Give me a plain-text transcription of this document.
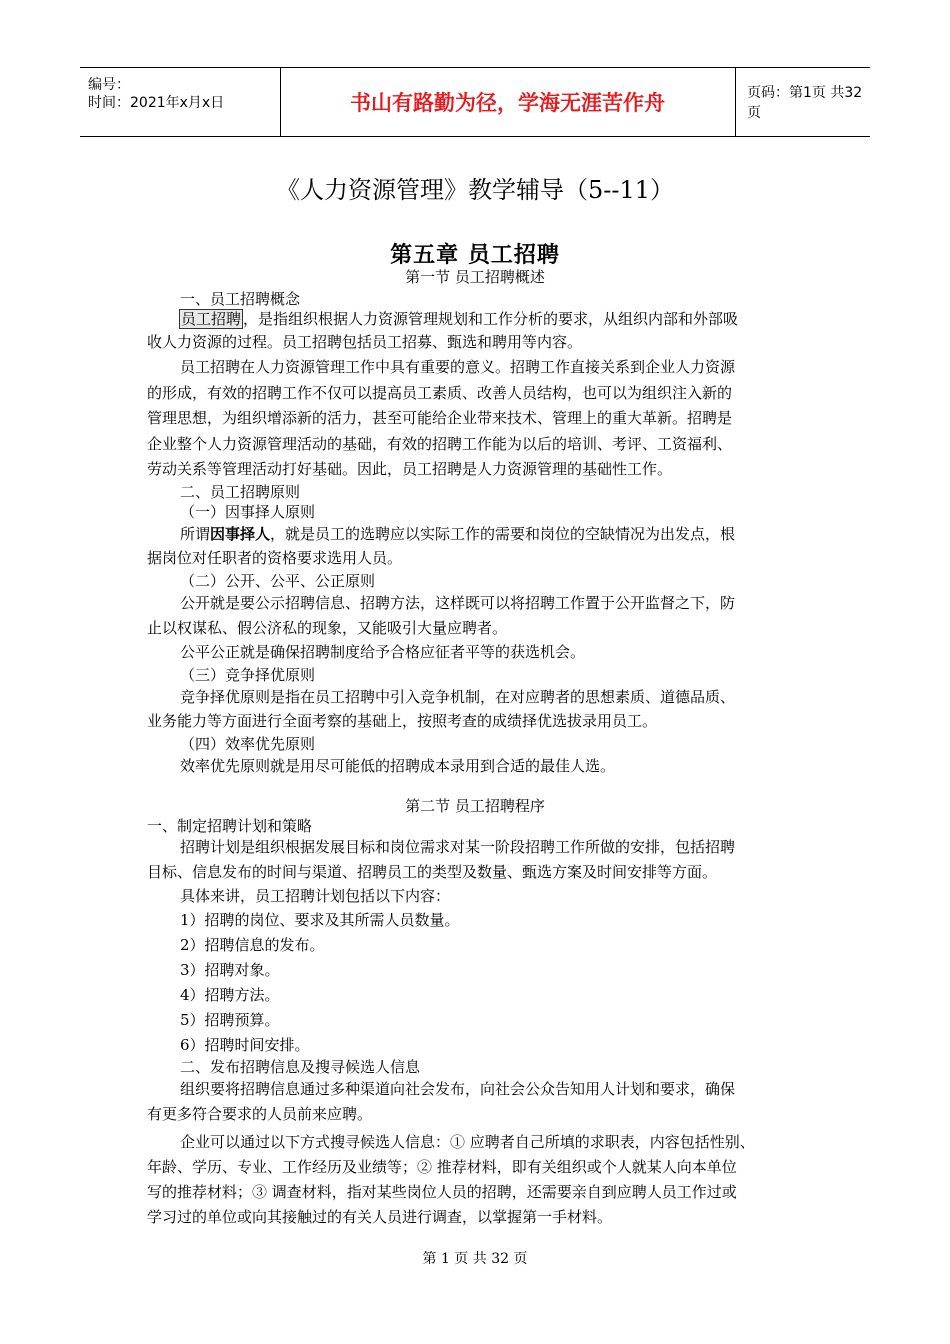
编号：
时间：2021年x月x日	书山有路勤为径，学海无涯苦作舟	页码：第1页 共32页
《人力资源管理》教学辅导（5--11）
第五章 员工招聘
第一节 员工招聘概述
一、员工招聘概念
员工招聘 ，是指组织根据人力资源管理规划和工作分析的要求，从组织内部和外部吸
收人力资源的过程。员工招聘包括员工招募、甄选和聘用等内容。
员工招聘在人力资源管理工作中具有重要的意义。招聘工作直接关系到企业人力资源
的形成，有效的招聘工作不仅可以提高员工素质、改善人员结构，也可以为组织注入新的
管理思想，为组织增添新的活力，甚至可能给企业带来技术、管理上的重大革新。招聘是
企业整个人力资源管理活动的基础，有效的招聘工作能为以后的培训、考评、工资福利、
劳动关系等管理活动打好基础。因此，员工招聘是人力资源管理的基础性工作。
二、员工招聘原则
（一）因事择人原则
所谓因事择人，就是员工的选聘应以实际工作的需要和岗位的空缺情况为出发点，根
据岗位对任职者的资格要求选用人员。
（二）公开、公平、公正原则
公开就是要公示招聘信息、招聘方法，这样既可以将招聘工作置于公开监督之下，防
止以权谋私、假公济私的现象，又能吸引大量应聘者。
公平公正就是确保招聘制度给予合格应征者平等的获选机会。
（三）竞争择优原则
竞争择优原则是指在员工招聘中引入竞争机制，在对应聘者的思想素质、道德品质、
业务能力等方面进行全面考察的基础上，按照考查的成绩择优选拔录用员工。
（四）效率优先原则
效率优先原则就是用尽可能低的招聘成本录用到合适的最佳人选。
第二节 员工招聘程序
一、制定招聘计划和策略
招聘计划是组织根据发展目标和岗位需求对某一阶段招聘工作所做的安排，包括招聘
目标、信息发布的时间与渠道、招聘员工的类型及数量、甄选方案及时间安排等方面。
具体来讲，员工招聘计划包括以下内容：
1）招聘的岗位、要求及其所需人员数量。
2）招聘信息的发布。
3）招聘对象。
4）招聘方法。
5）招聘预算。
6）招聘时间安排。
二、发布招聘信息及搜寻候选人信息
组织要将招聘信息通过多种渠道向社会发布，向社会公众告知用人计划和要求，确保
有更多符合要求的人员前来应聘。
企业可以通过以下方式搜寻候选人信息：① 应聘者自己所填的求职表，内容包括性别、
年龄、学历、专业、工作经历及业绩等；② 推荐材料，即有关组织或个人就某人向本单位
写的推荐材料；③ 调查材料，指对某些岗位人员的招聘，还需要亲自到应聘人员工作过或
学习过的单位或向其接触过的有关人员进行调查，以掌握第一手材料。
第 1 页 共 32 页
